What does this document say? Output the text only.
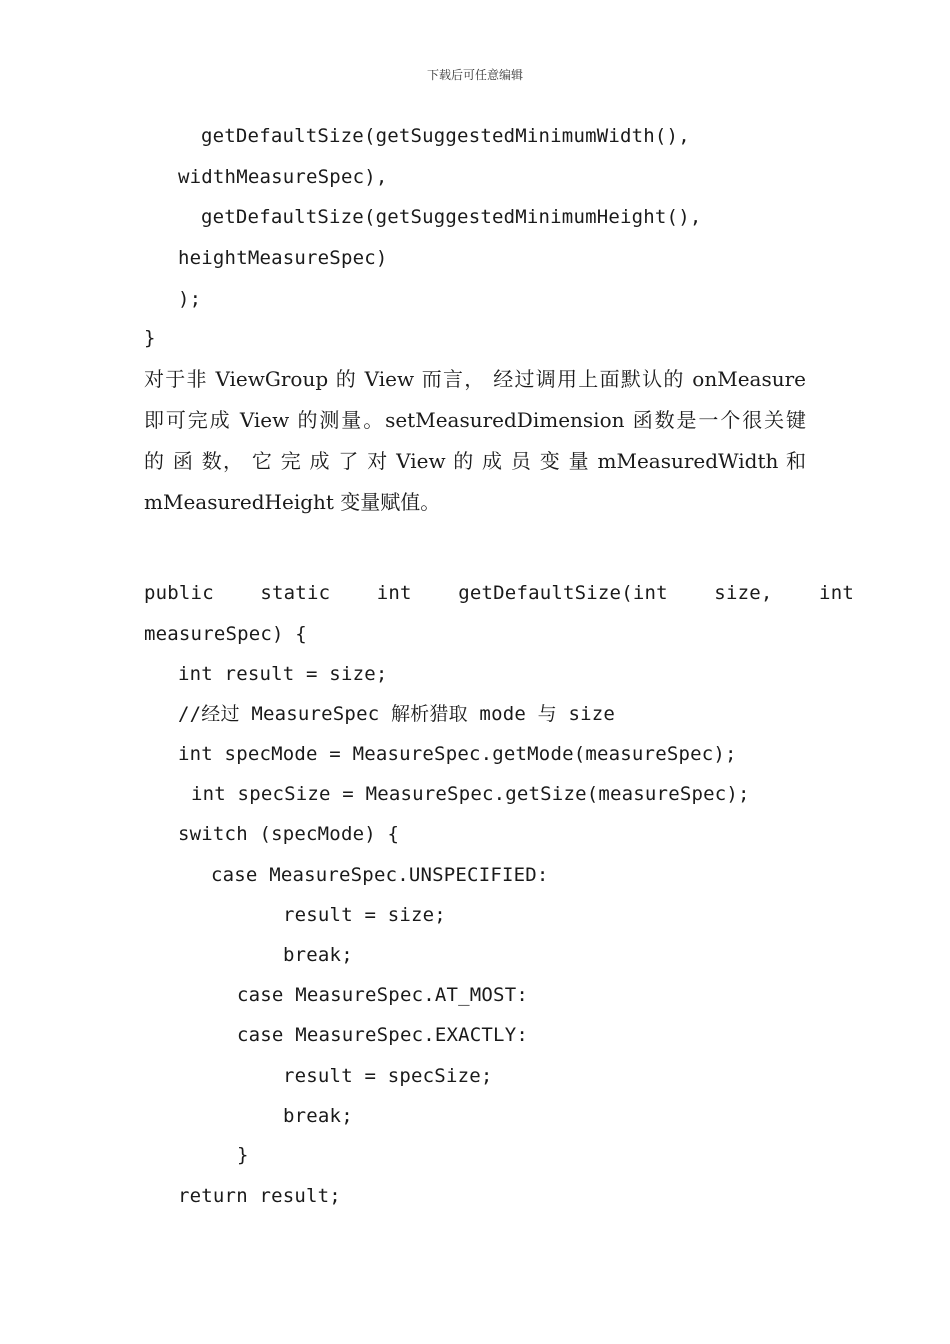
下载后可任意编辑
getDefaultSize(getSuggestedMinimumWidth(),
widthMeasureSpec),
getDefaultSize(getSuggestedMinimumHeight(),
heightMeasureSpec)
);
}
对于非 ViewGroup 的 View 而言， 经过调用上面默认的 onMeasure
即可完成 View 的测量。setMeasuredDimension 函数是一个很关键
的 函 数， 它 完 成 了 对 View 的 成 员 变 量 mMeasuredWidth 和
mMeasuredHeight 变量赋值。
public    static    int    getDefaultSize(int    size,    int
measureSpec) {
int result = size;
//经过 MeasureSpec 解析猎取 mode 与 size
int specMode = MeasureSpec.getMode(measureSpec);
int specSize = MeasureSpec.getSize(measureSpec);
switch (specMode) {
case MeasureSpec.UNSPECIFIED:
result = size;
break;
case MeasureSpec.AT_MOST:
case MeasureSpec.EXACTLY:
result = specSize;
break;
}
return result;
